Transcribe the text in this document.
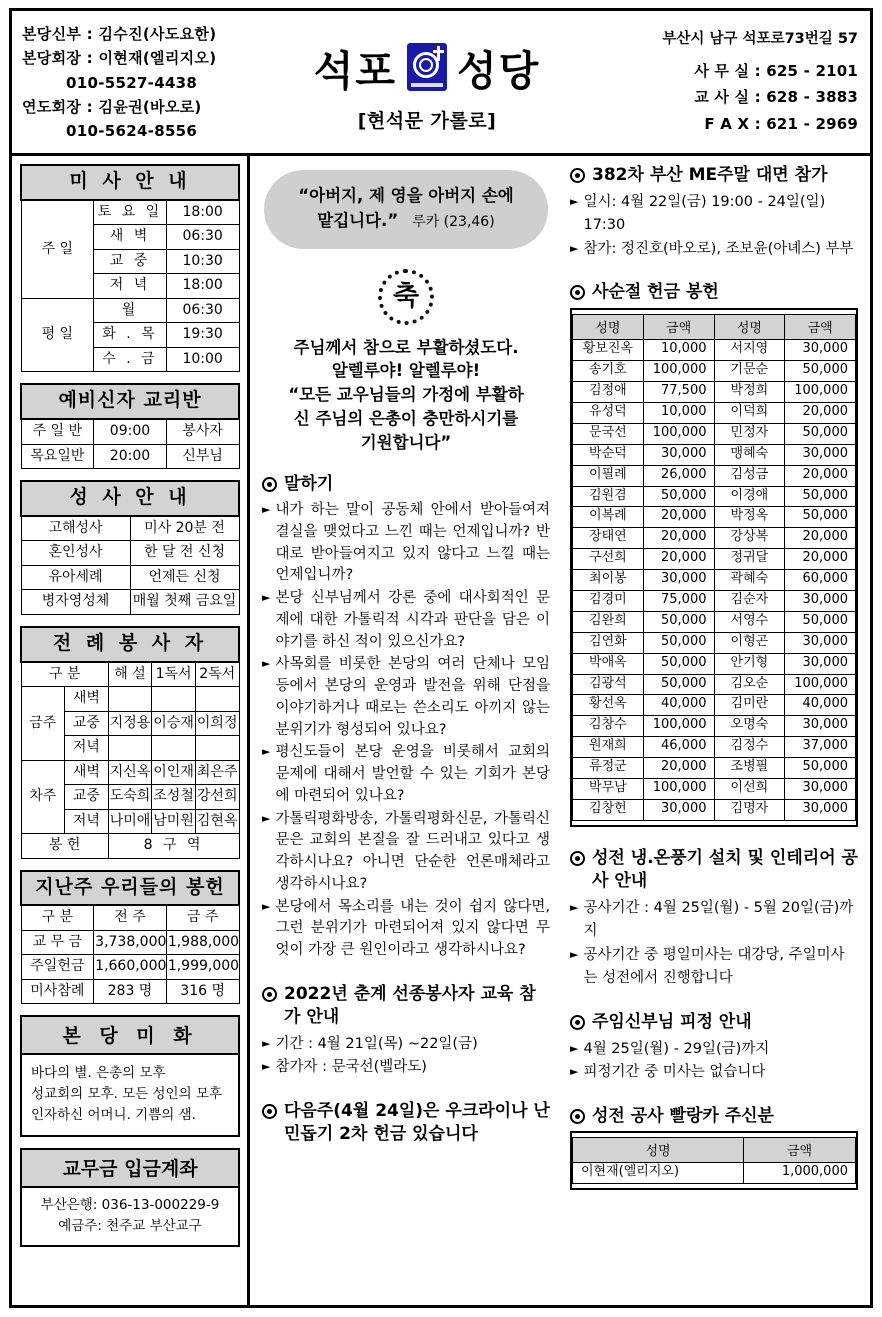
본당신부 : 김수진(사도요한)
본당회장 : 이현재(엘리지오)
010-5527-4438
연도회장 : 김윤권(바오로)
010-5624-8556
석포 성당
[현석문 가롤로]
부산시 남구 석포로73번길 57
사 무 실 : 625 - 2101
교 사 실 : 628 - 3883
F A X : 621 - 2969
미 사 안 내		
주 일	토 요 일	18:00
	새 벽	06:30
	교 중	10:30
	저 녁	18:00
평 일	월	06:30
	화 . 목	19:30
	수 . 금	10:00
예비신자 교리반		
주 일 반	09:00	봉사자
목요일반	20:00	신부님
성 사 안 내	
고해성사	미사 20분 전
혼인성사	한 달 전 신청
유아세례	언제든 신청
병자영성체	매월 첫째 금요일
전 례 봉 사 자				
구 분		해 설	1독서	2독서
금주	새벽			
	교중	지정용	이승재	이희정
	저녁			
차주	새벽	지신옥	이인재	최은주
	교중	도숙희	조성철	강선희
	저녁	나미애	남미원	김현옥
봉 헌		8 구 역		
지난주 우리들의 봉헌		
구 분	전 주	금 주
교 무 금	3,738,000	1,988,000
주일헌금	1,660,000	1,999,000
미사참례	283 명	316 명
본 당 미 화
바다의 별. 은총의 모후
성교회의 모후. 모든 성인의 모후
인자하신 어머니. 기쁨의 샘.
교무금 입금계좌
부산은행: 036-13-000229-9
예금주: 천주교 부산교구
“아버지, 제 영을 아버지 손에
맡깁니다.” 루카 (23,46)
축
주님께서 참으로 부활하셨도다.
알렐루야! 알렐루야!
“모든 교우님들의 가정에 부활하
신 주님의 은총이 충만하시기를
기원합니다”
말하기
► 내가 하는 말이 공동체 안에서 받아들여져 결실을 맺었다고 느낀 때는 언제입니까? 반대로 받아들여지고 있지 않다고 느낄 때는 언제입니까?
► 본당 신부님께서 강론 중에 대사회적인 문제에 대한 가톨릭적 시각과 판단을 담은 이야기를 하신 적이 있으신가요?
► 사목회를 비롯한 본당의 여러 단체나 모임 등에서 본당의 운영과 발전을 위해 단점을 이야기하거나 때로는 쓴소리도 아끼지 않는 분위기가 형성되어 있나요?
► 평신도들이 본당 운영을 비롯해서 교회의 문제에 대해서 발언할 수 있는 기회가 본당에 마련되어 있나요?
► 가톨릭평화방송, 가톨릭평화신문, 가톨릭신문은 교회의 본질을 잘 드러내고 있다고 생각하시나요? 아니면 단순한 언론매체라고 생각하시나요?
► 본당에서 목소리를 내는 것이 쉽지 않다면, 그런 분위기가 마련되어져 있지 않다면 무엇이 가장 큰 원인이라고 생각하시나요?
2022년 춘계 선종봉사자 교육 참가 안내
► 기간 : 4월 21일(목) ~22일(금)
► 참가자 : 문국선(벨라도)
다음주(4월 24일)은 우크라이나 난민돕기 2차 헌금 있습니다
382차 부산 ME주말 대면 참가
► 일시: 4월 22일(금) 19:00 - 24일(일) 17:30
► 참가: 정진호(바오로), 조보윤(아녜스) 부부
사순절 헌금 봉헌
성명	금액	성명	금액
황보진옥	10,000	서지영	30,000
송기호	100,000	기문순	50,000
김정애	77,500	박정희	100,000
유성덕	10,000	이덕희	20,000
문국선	100,000	민정자	50,000
박순덕	30,000	맹혜숙	30,000
이필례	26,000	김성금	20,000
김원겸	50,000	이경애	50,000
이복례	20,000	박정옥	50,000
장태연	20,000	강상복	20,000
구선희	20,000	정귀달	20,000
최이봉	30,000	곽혜숙	60,000
김경미	75,000	김순자	30,000
김완희	50,000	서영수	50,000
김연화	50,000	이형곤	30,000
박애옥	50,000	안기형	30,000
김광석	50,000	김오순	100,000
황선옥	40,000	김미란	40,000
김창수	100,000	오명숙	30,000
원재희	46,000	김정수	37,000
류정군	20,000	조병필	50,000
박무남	100,000	이선희	30,000
김창헌	30,000	김명자	30,000
성전 냉.온풍기 설치 및 인테리어 공사 안내
► 공사기간 : 4월 25일(월) - 5월 20일(금)까지
► 공사기간 중 평일미사는 대강당, 주일미사는 성전에서 진행합니다
주임신부님 피정 안내
► 4월 25일(월) - 29일(금)까지
► 피정기간 중 미사는 없습니다
성전 공사 빨랑카 주신분
성명	금액
이현재(엘리지오)	1,000,000
